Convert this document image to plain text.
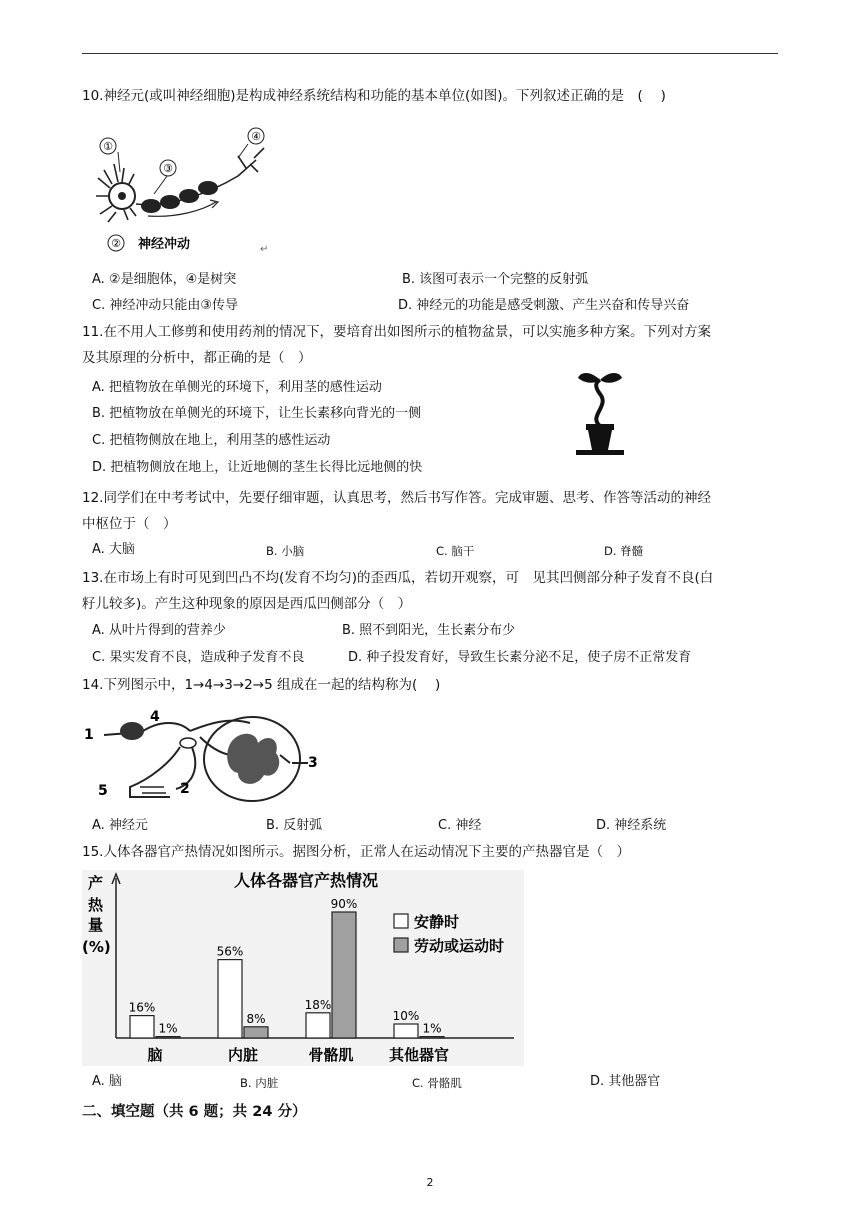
10.神经元(或叫神经细胞)是构成神经系统结构和功能的基本单位(如图)。下列叙述正确的是　(　 )
①
③
④
② 神经冲动	↵
A. ②是细胞体，④是树突	B. 该图可表示一个完整的反射弧
C. 神经冲动只能由③传导	D. 神经元的功能是感受刺激、产生兴奋和传导兴奋
11.在不用人工修剪和使用药剂的情况下，要培育出如图所示的植物盆景，可以实施多种方案。下列对方案
及其原理的分析中，都正确的是（　）
A. 把植物放在单侧光的环境下，利用茎的感性运动
B. 把植物放在单侧光的环境下，让生长素移向背光的一侧
C. 把植物侧放在地上，利用茎的感性运动
D. 把植物侧放在地上，让近地侧的茎生长得比远地侧的快
12.同学们在中考考试中，先要仔细审题，认真思考，然后书写作答。完成审题、思考、作答等活动的神经
中枢位于（　）
A. 大脑	B. 小脑	C. 脑干	D. 脊髓
13.在市场上有时可见到凹凸不均(发育不均匀)的歪西瓜，若切开观察，可　见其凹侧部分种子发育不良(白
籽儿较多)。产生这种现象的原因是西瓜凹侧部分（　）
A. 从叶片得到的营养少	B. 照不到阳光，生长素分布少
C. 果实发育不良，造成种子发育不良	D. 种子投发育好，导致生长素分泌不足，使子房不正常发育
14.下列图示中，1→4→3→2→5 组成在一起的结构称为(　 )
1
4
3
2
5
A. 神经元	B. 反射弧	C. 神经	D. 神经系统
15.人体各器官产热情况如图所示。据图分析，正常人在运动情况下主要的产热器官是（　）
产热量(%)
人体各器官产热情况
16%
1%
脑
56%
8%
内脏
18%
90%
骨骼肌
10%
1%
其他器官
安静时
劳动或运动时
A. 脑	B. 内脏	C. 骨骼肌	D. 其他器官
二、填空题（共 6 题；共 24 分）
2
